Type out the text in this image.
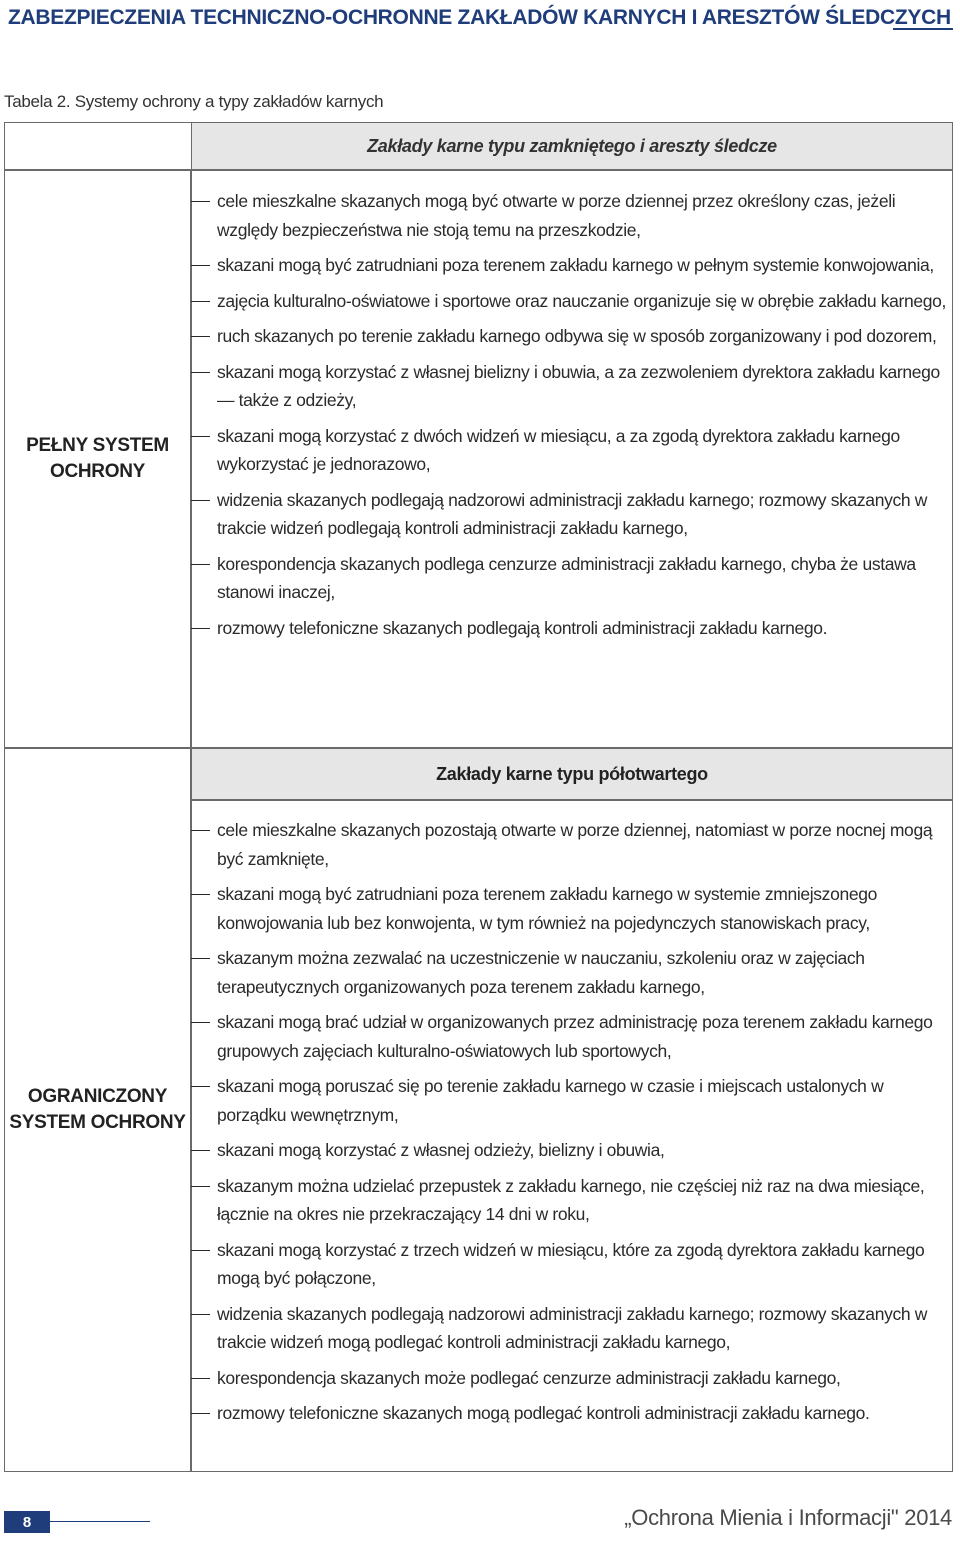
ZABEZPIECZENIA TECHNICZNO-OCHRONNE ZAKŁADÓW KARNYCH I ARESZTÓW ŚLEDCZYCH
Tabela 2. Systemy ochrony a typy zakładów karnych
Zakłady karne typu zamkniętego i areszty śledcze
PEŁNY SYSTEM
OCHRONY
cele mieszkalne skazanych mogą być otwarte w porze dziennej przez określony czas, jeżeli względy bezpieczeństwa nie stoją temu na przeszkodzie,
skazani mogą być zatrudniani poza terenem zakładu karnego w pełnym systemie konwojowania,
zajęcia kulturalno-oświatowe i sportowe oraz nauczanie organizuje się w obrębie zakładu karnego,
ruch skazanych po terenie zakładu karnego odbywa się w sposób zorganizowany i pod dozorem,
skazani mogą korzystać z własnej bielizny i obuwia, a za zezwoleniem dyrektora zakładu karnego — także z odzieży,
skazani mogą korzystać z dwóch widzeń w miesiącu, a za zgodą dyrektora zakładu karnego wykorzystać je jednorazowo,
widzenia skazanych podlegają nadzorowi administracji zakładu karnego; rozmowy skazanych w trakcie widzeń podlegają kontroli administracji zakładu karnego,
korespondencja skazanych podlega cenzurze administracji zakładu karnego, chyba że ustawa stanowi inaczej,
rozmowy telefoniczne skazanych podlegają kontroli administracji zakładu karnego.
Zakłady karne typu półotwartego
OGRANICZONY
SYSTEM OCHRONY
cele mieszkalne skazanych pozostają otwarte w porze dziennej, natomiast w porze nocnej mogą być zamknięte,
skazani mogą być zatrudniani poza terenem zakładu karnego w systemie zmniejszonego konwojowania lub bez konwojenta, w tym również na pojedynczych stanowiskach pracy,
skazanym można zezwalać na uczestniczenie w nauczaniu, szkoleniu oraz w zajęciach terapeutycznych organizowanych poza terenem zakładu karnego,
skazani mogą brać udział w organizowanych przez administrację poza terenem zakładu karnego grupowych zajęciach kulturalno-oświatowych lub sportowych,
skazani mogą poruszać się po terenie zakładu karnego w czasie i miejscach ustalonych w porządku wewnętrznym,
skazani mogą korzystać z własnej odzieży, bielizny i obuwia,
skazanym można udzielać przepustek z zakładu karnego, nie częściej niż raz na dwa miesiące, łącznie na okres nie przekraczający 14 dni w roku,
skazani mogą korzystać z trzech widzeń w miesiącu, które za zgodą dyrektora zakładu karnego mogą być połączone,
widzenia skazanych podlegają nadzorowi administracji zakładu karnego; rozmowy skazanych w trakcie widzeń mogą podlegać kontroli administracji zakładu karnego,
korespondencja skazanych może podlegać cenzurze administracji zakładu karnego,
rozmowy telefoniczne skazanych mogą podlegać kontroli administracji zakładu karnego.
8	„Ochrona Mienia i Informacji" 2014
